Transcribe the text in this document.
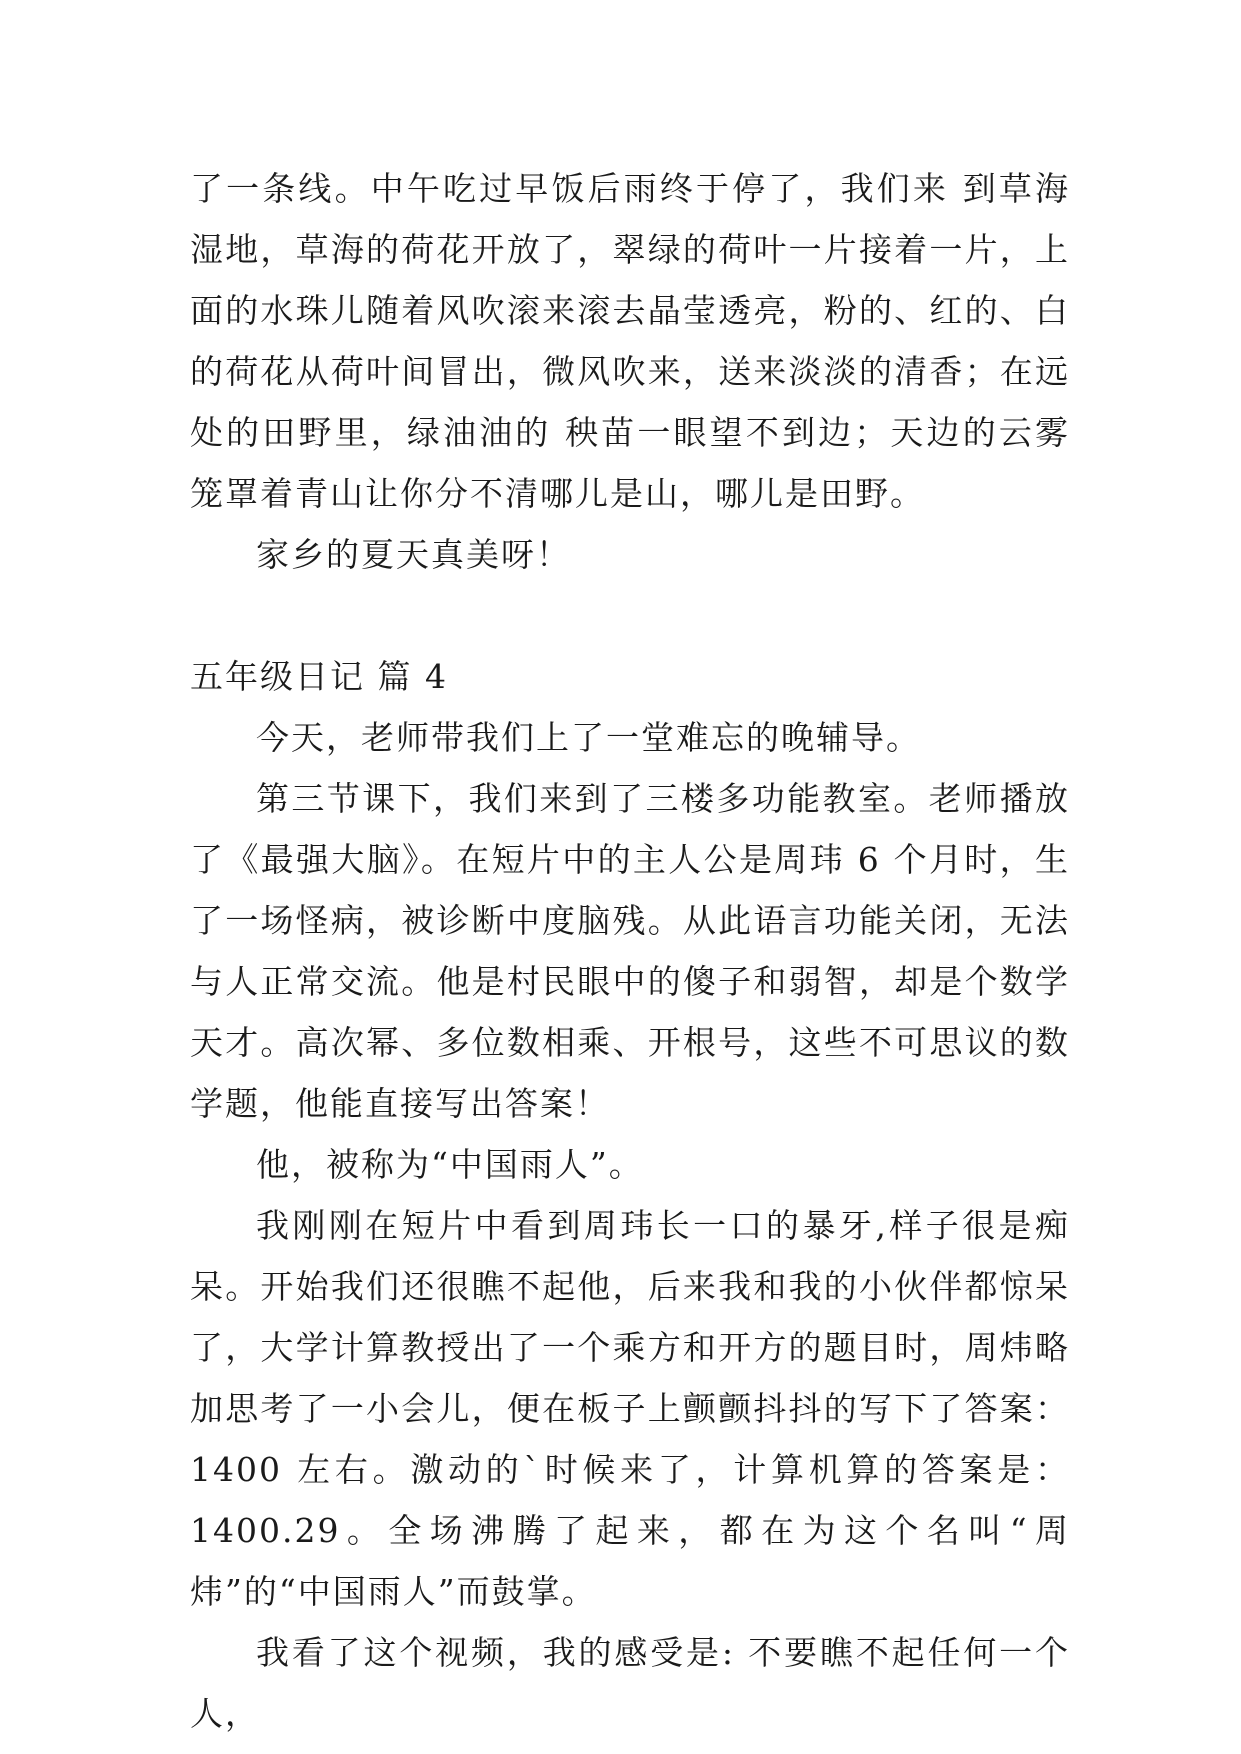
了一条线。中午吃过早饭后雨终于停了，我们来 到草海湿地，草海的荷花开放了，翠绿的荷叶一片接着一片，上面的水珠儿随着风吹滚来滚去晶莹透亮，粉的、红的、白的荷花从荷叶间冒出，微风吹来，送来淡淡的清香；在远处的田野里，绿油油的 秧苗一眼望不到边；天边的云雾笼罩着青山让你分不清哪儿是山，哪儿是田野。

家乡的夏天真美呀！

五年级日记 篇 4

今天，老师带我们上了一堂难忘的晚辅导。

第三节课下，我们来到了三楼多功能教室。老师播放了《最强大脑》。在短片中的主人公是周玮 6 个月时，生了一场怪病，被诊断中度脑残。从此语言功能关闭，无法与人正常交流。他是村民眼中的傻子和弱智，却是个数学天才。高次幂、多位数相乘、开根号，这些不可思议的数学题，他能直接写出答案！

他，被称为“中国雨人”。

我刚刚在短片中看到周玮长一口的暴牙,样子很是痴呆。开始我们还很瞧不起他，后来我和我的小伙伴都惊呆了，大学计算教授出了一个乘方和开方的题目时，周炜略加思考了一小会儿，便在板子上颤颤抖抖的写下了答案：1400 左右。激动的`时候来了，计算机算的答案是：1400.29。全场沸腾了起来，都在为这个名叫“周炜”的“中国雨人”而鼓掌。

我看了这个视频，我的感受是: 不要瞧不起任何一个人，
